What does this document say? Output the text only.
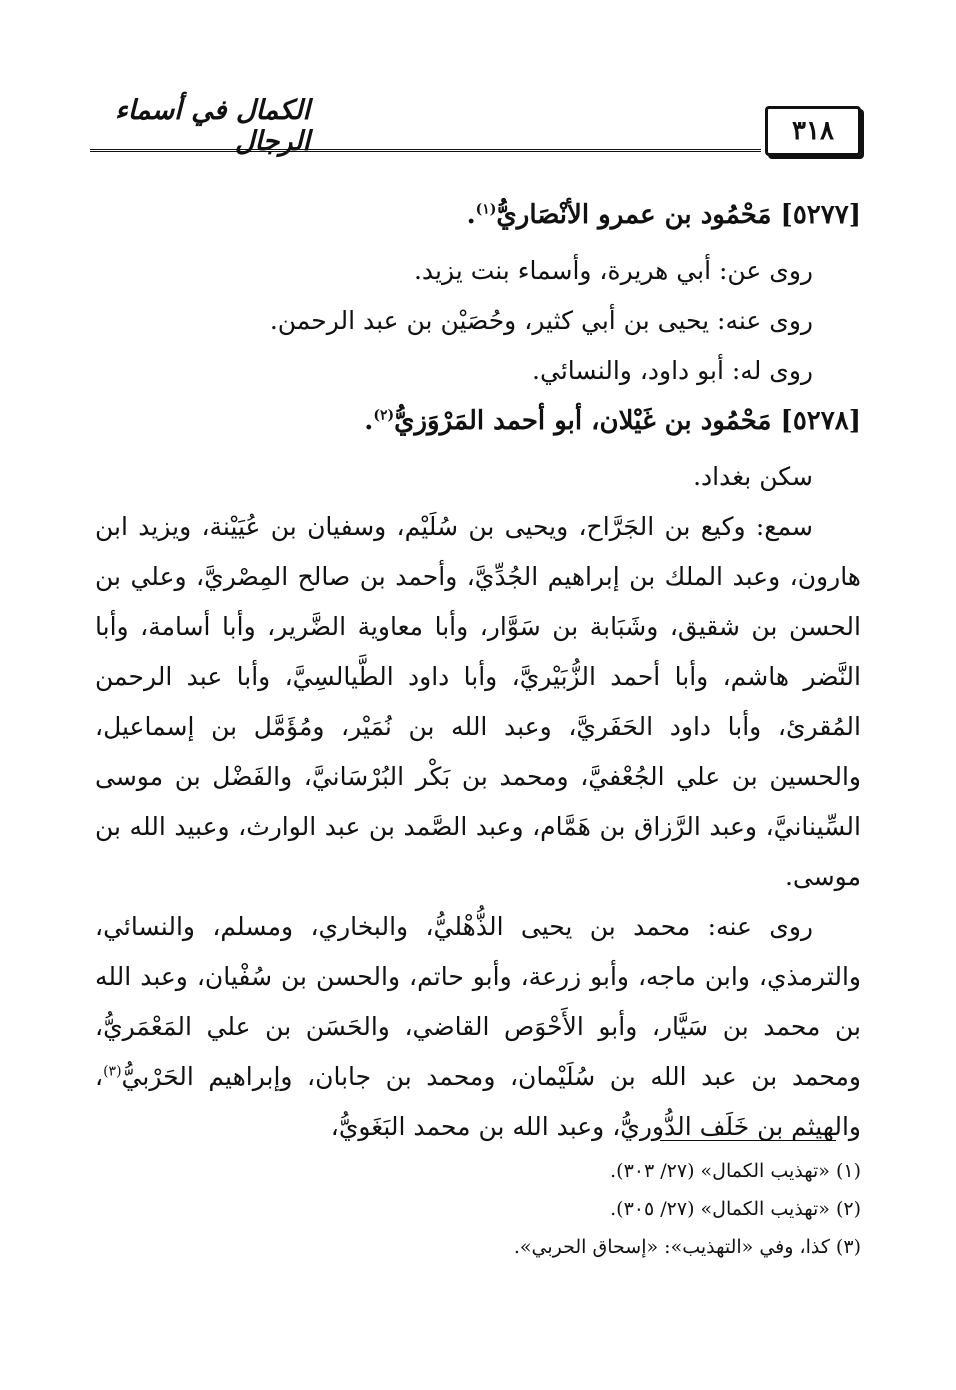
٣١٨
الكمال في أسماء الرجال

[٥٢٧٧] مَحْمُود بن عمرو الأنْصَاريُّ$^{(١)}$.

روى عن: أبي هريرة، وأسماء بنت يزيد.

روى عنه: يحيى بن أبي كثير، وحُصَيْن بن عبد الرحمن.

روى له: أبو داود، والنسائي.

[٥٢٧٨] مَحْمُود بن غَيْلان، أبو أحمد المَرْوَزيُّ$^{(٢)}$.

سكن بغداد.

سمع: وكيع بن الجَرَّاح، ويحيى بن سُلَيْم، وسفيان بن عُيَيْنة، ويزيد ابن هارون، وعبد الملك بن إبراهيم الجُدِّيَّ، وأحمد بن صالح المِصْريَّ، وعلي بن الحسن بن شقيق، وشَبَابة بن سَوَّار، وأبا معاوية الضَّرير، وأبا أسامة، وأبا النَّضر هاشم، وأبا أحمد الزُّبَيْريَّ، وأبا داود الطَّيالسِيَّ، وأبا عبد الرحمن المُقرئ، وأبا داود الحَفَريَّ، وعبد الله بن نُمَيْر، ومُؤَمَّل بن إسماعيل، والحسين بن علي الجُعْفيَّ، ومحمد بن بَكْر البُرْسَانيَّ، والفَضْل بن موسى السِّينانيَّ، وعبد الرَّزاق بن هَمَّام، وعبد الصَّمد بن عبد الوارث، وعبيد الله بن موسى.

روى عنه: محمد بن يحيى الذُّهْليُّ، والبخاري، ومسلم، والنسائي، والترمذي، وابن ماجه، وأبو زرعة، وأبو حاتم، والحسن بن سُفْيان، وعبد الله بن محمد بن سَيَّار، وأبو الأَحْوَص القاضي، والحَسَن بن علي المَعْمَريُّ، ومحمد بن عبد الله بن سُلَيْمان، ومحمد بن جابان، وإبراهيم الحَرْبيُّ$^{(٣)}$، والهيثم بن خَلَف الدُّوريُّ، وعبد الله بن محمد البَغَويُّ،

(١) «تهذيب الكمال» (٢٧/ ٣٠٣).

(٢) «تهذيب الكمال» (٢٧/ ٣٠٥).

(٣) كذا، وفي «التهذيب»: «إسحاق الحربي».
